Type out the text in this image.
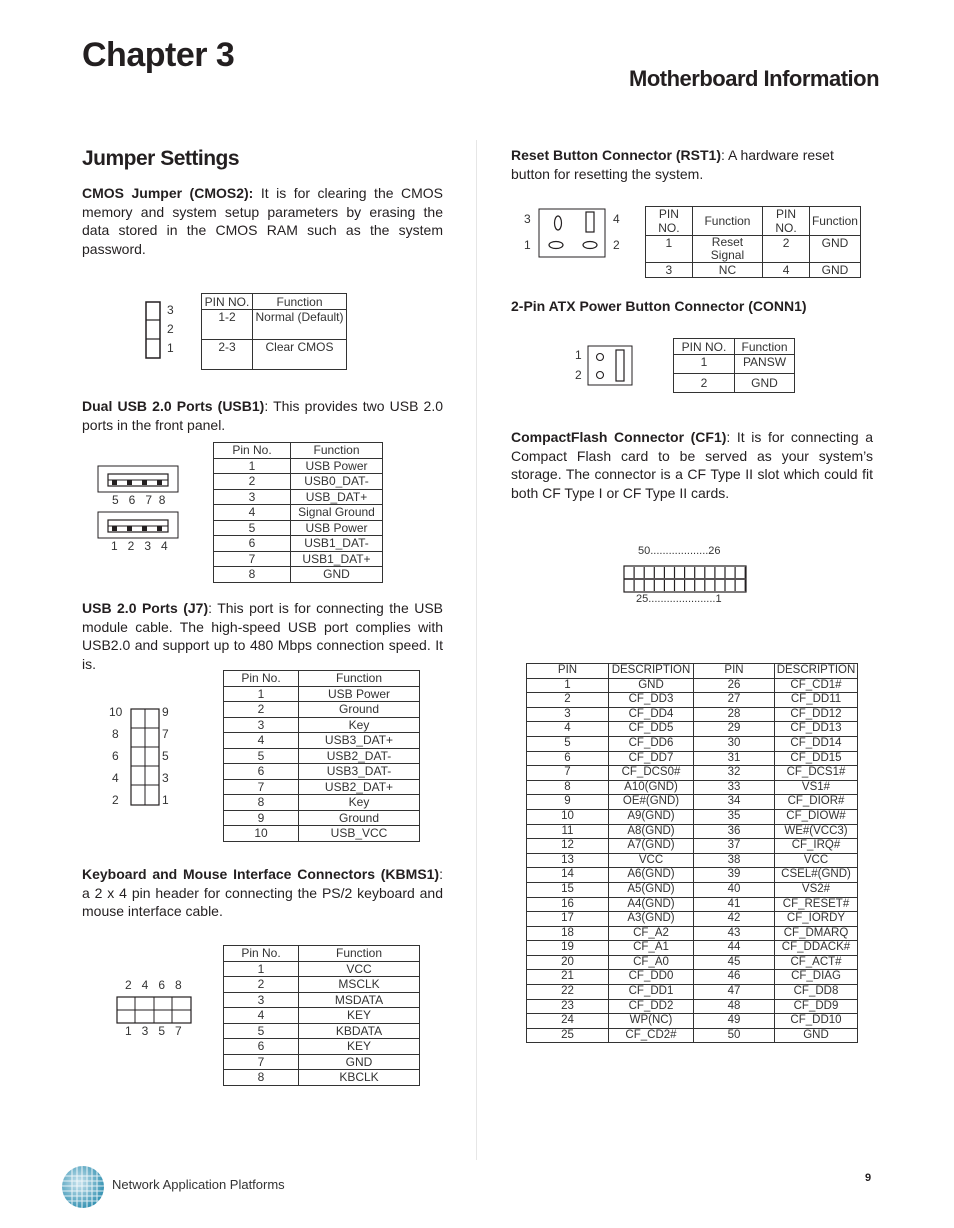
Chapter 3
Motherboard Information
Jumper Settings
CMOS Jumper (CMOS2): It is for clearing the CMOS memory and system setup parameters by erasing the data stored in the CMOS RAM such as the system password.
3
2
1
PIN NO.	Function
1-2	Normal (Default)
2-3	Clear CMOS
Dual USB 2.0 Ports (USB1): This provides two USB 2.0 ports in the front panel.
5   6   7  8
1   2   3   4
Pin No.	Function
1	USB Power
2	USB0_DAT-
3	USB_DAT+
4	Signal Ground
5	USB Power
6	USB1_DAT-
7	USB1_DAT+
8	GND
USB 2.0 Ports (J7): This port is for connecting the USB module cable. The high-speed USB port complies with USB2.0 and support up to 480 Mbps connection speed. It is.
10
8
6
4
2
9
7
5
3
1
Pin No.	Function
1	USB Power
2	Ground
3	Key
4	USB3_DAT+
5	USB2_DAT-
6	USB3_DAT-
7	USB2_DAT+
8	Key
9	Ground
10	USB_VCC
Keyboard and Mouse Interface Connectors (KBMS1): a 2 x 4 pin header for connecting the PS/2 keyboard and mouse interface cable.
2   4   6   8
1   3   5   7
Pin No.	Function
1	VCC
2	MSCLK
3	MSDATA
4	KEY
5	KBDATA
6	KEY
7	GND
8	KBCLK
Reset Button Connector (RST1): A hardware reset button for resetting the system.
3
1
4
2
PIN NO.	Function	PIN NO.	Function
1	Reset Signal	2	GND
3	NC	4	GND
2-Pin ATX Power Button Connector (CONN1)
1
2
PIN NO.	Function
1	PANSW
2	GND
CompactFlash Connector (CF1): It is for connecting a Compact Flash card to be served as your system’s storage. The connector is a CF Type II slot which could fit both CF Type I or CF Type II cards.
50...................26
25......................1
PIN	DESCRIPTION	PIN	DESCRIPTION
1	GND	26	CF_CD1#
2	CF_DD3	27	CF_DD11
3	CF_DD4	28	CF_DD12
4	CF_DD5	29	CF_DD13
5	CF_DD6	30	CF_DD14
6	CF_DD7	31	CF_DD15
7	CF_DCS0#	32	CF_DCS1#
8	A10(GND)	33	VS1#
9	OE#(GND)	34	CF_DIOR#
10	A9(GND)	35	CF_DIOW#
11	A8(GND)	36	WE#(VCC3)
12	A7(GND)	37	CF_IRQ#
13	VCC	38	VCC
14	A6(GND)	39	CSEL#(GND)
15	A5(GND)	40	VS2#
16	A4(GND)	41	CF_RESET#
17	A3(GND)	42	CF_IORDY
18	CF_A2	43	CF_DMARQ
19	CF_A1	44	CF_DDACK#
20	CF_A0	45	CF_ACT#
21	CF_DD0	46	CF_DIAG
22	CF_DD1	47	CF_DD8
23	CF_DD2	48	CF_DD9
24	WP(NC)	49	CF_DD10
25	CF_CD2#	50	GND
Network Application Platforms	9
